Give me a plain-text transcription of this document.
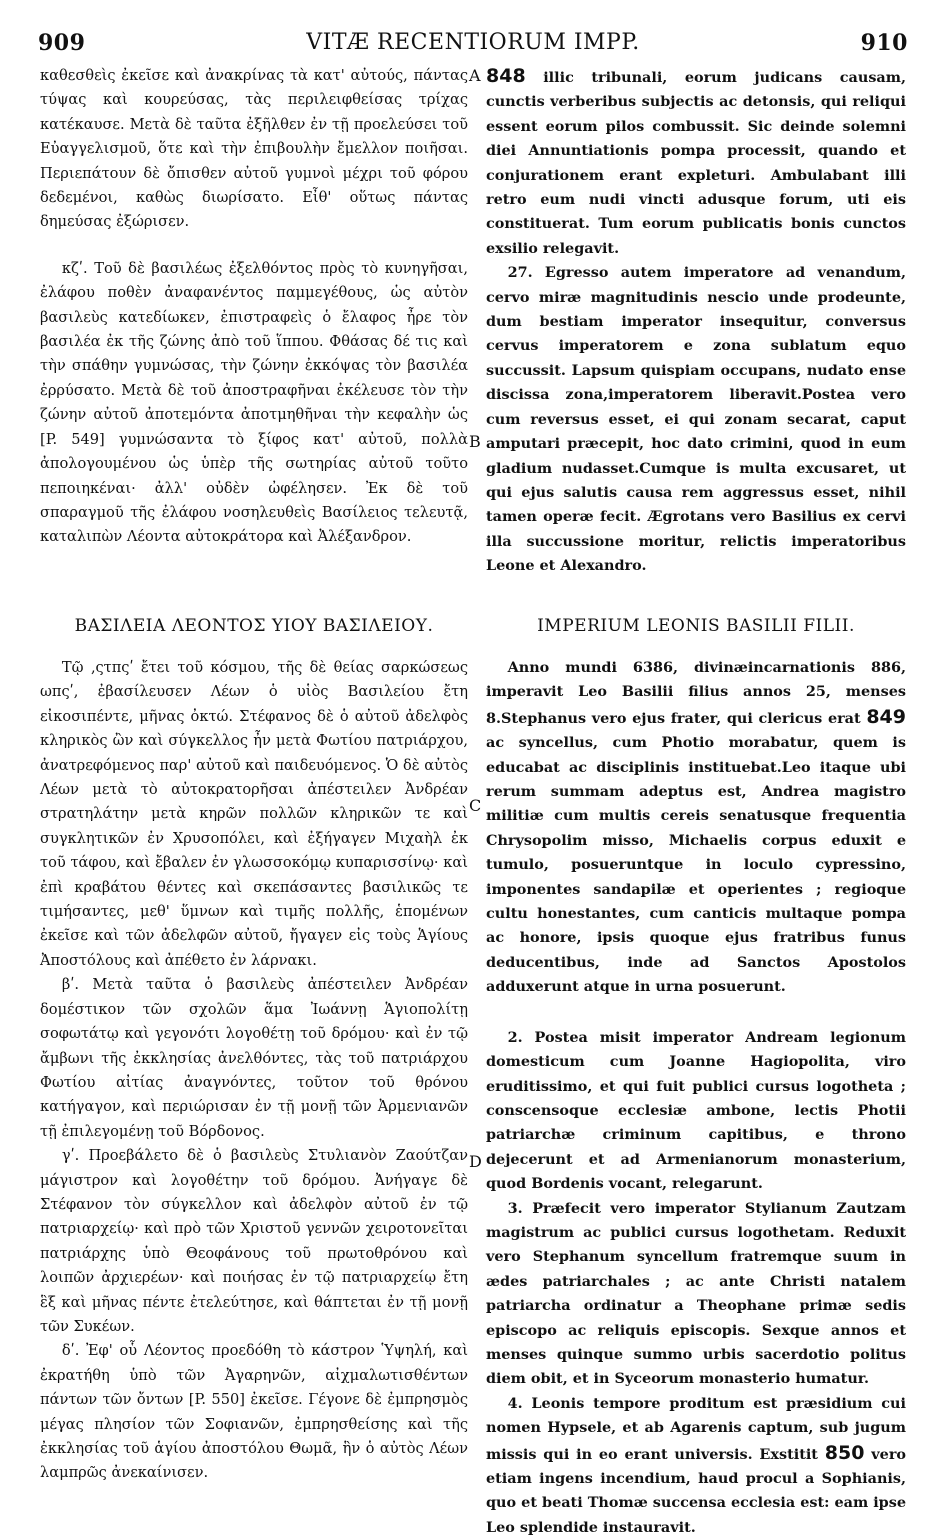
909	VITÆ RECENTIORUM IMPP.	910
A
B
C
D

καθεσθεὶς ἐκεῖσε καὶ ἀνακρίνας τὰ κατ' αὐτούς, πάντας τύψας καὶ κουρεύσας, τὰς περιλειφθείσας τρίχας κατέκαυσε. Μετὰ δὲ ταῦτα ἐξῆλθεν ἐν τῇ προελεύσει τοῦ Εὐαγγελισμοῦ, ὅτε καὶ τὴν ἐπιβουλὴν ἔμελλον ποιῆσαι. Περιεπάτουν δὲ ὄπισθεν αὐτοῦ γυμνοὶ μέχρι τοῦ φόρου δεδεμένοι, καθὼς διωρίσατο. Εἶθ' οὕτως πάντας δημεύσας ἐξώρισεν.

κζʹ. Τοῦ δὲ βασιλέως ἐξελθόντος πρὸς τὸ κυνηγῆσαι, ἐλάφου ποθὲν ἀναφανέντος παμμεγέθους, ὡς αὐτὸν βασιλεὺς κατεδίωκεν, ἐπιστραφεὶς ὁ ἔλαφος ἦρε τὸν βασιλέα ἐκ τῆς ζώνης ἀπὸ τοῦ ἵππου. Φθάσας δέ τις καὶ τὴν σπάθην γυμνώσας, τὴν ζώνην ἐκκόψας τὸν βασιλέα ἐρρύσατο. Μετὰ δὲ τοῦ ἀποστραφῆναι ἐκέλευσε τὸν τὴν ζώνην αὐτοῦ ἀποτεμόντα ἀποτμηθῆναι τὴν κεφαλὴν ὡς [P. 549] γυμνώσαντα τὸ ξίφος κατ' αὐτοῦ, πολλὰ ἀπολογουμένου ὡς ὑπὲρ τῆς σωτηρίας αὐτοῦ τοῦτο πεποιηκέναι· ἀλλ' οὐδὲν ὠφέλησεν. Ἐκ δὲ τοῦ σπαραγμοῦ τῆς ἐλάφου νοσηλευθεὶς Βασίλειος τελευτᾷ, καταλιπὼν Λέοντα αὐτοκράτορα καὶ Ἀλέξανδρον.

848 illic tribunali, eorum judicans causam, cunctis verberibus subjectis ac detonsis, qui reliqui essent eorum pilos combussit. Sic deinde solemni diei Annuntiationis pompa processit, quando et conjurationem erant expleturi. Ambulabant illi retro eum nudi vincti adusque forum, uti eis constituerat. Tum eorum publicatis bonis cunctos exsilio relegavit.

27. Egresso autem imperatore ad venandum, cervo miræ magnitudinis nescio unde prodeunte, dum bestiam imperator insequitur, conversus cervus imperatorem e zona sublatum equo succussit. Lapsum quispiam occupans, nudato ense discissa zona,imperatorem liberavit.Postea vero cum reversus esset, ei qui zonam secarat, caput amputari præcepit, hoc dato crimini, quod in eum gladium nudasset.Cumque is multa excusaret, ut qui ejus salutis causa rem aggressus esset, nihil tamen operæ fecit. Ægrotans vero Basilius ex cervi illa succussione moritur, relictis imperatoribus Leone et Alexandro.

ΒΑΣΙΛΕΙΑ ΛΕΟΝΤΟΣ ΥΙΟΥ ΒΑΣΙΛΕΙΟΥ.	IMPERIUM LEONIS BASILII FILII.

Τῷ ‚ςτπςʹ ἔτει τοῦ κόσμου, τῆς δὲ θείας σαρκώσεως ωπςʹ, ἐβασίλευσεν Λέων ὁ υἱὸς Βασιλείου ἔτη εἰκοσιπέντε, μῆνας ὀκτώ. Στέφανος δὲ ὁ αὐτοῦ ἀδελφὸς κληρικὸς ὢν καὶ σύγκελλος ἦν μετὰ Φωτίου πατριάρχου, ἀνατρεφόμενος παρ' αὐτοῦ καὶ παιδευόμενος. Ὁ δὲ αὐτὸς Λέων μετὰ τὸ αὐτοκρατορῆσαι ἀπέστειλεν Ἀνδρέαν στρατηλάτην μετὰ κηρῶν πολλῶν κληρικῶν τε καὶ συγκλητικῶν ἐν Χρυσοπόλει, καὶ ἐξήγαγεν Μιχαὴλ ἐκ τοῦ τάφου, καὶ ἔβαλεν ἐν γλωσσοκόμῳ κυπαρισσίνῳ· καὶ ἐπὶ κραβάτου θέντες καὶ σκεπάσαντες βασιλικῶς τε τιμήσαντες, μεθ' ὕμνων καὶ τιμῆς πολλῆς, ἑπομένων ἐκεῖσε καὶ τῶν ἀδελφῶν αὐτοῦ, ἤγαγεν εἰς τοὺς Ἁγίους Ἀποστόλους καὶ ἀπέθετο ἐν λάρνακι.

βʹ. Μετὰ ταῦτα ὁ βασιλεὺς ἀπέστειλεν Ἀνδρέαν δομέστικον τῶν σχολῶν ἅμα Ἰωάννῃ Ἁγιοπολίτῃ σοφωτάτῳ καὶ γεγονότι λογοθέτῃ τοῦ δρόμου· καὶ ἐν τῷ ἄμβωνι τῆς ἐκκλησίας ἀνελθόντες, τὰς τοῦ πατριάρχου Φωτίου αἰτίας ἀναγνόντες, τοῦτον τοῦ θρόνου κατήγαγον, καὶ περιώρισαν ἐν τῇ μονῇ τῶν Ἀρμενιανῶν τῇ ἐπιλεγομένῃ τοῦ Βόρδονος.

γʹ. Προεβάλετο δὲ ὁ βασιλεὺς Στυλιανὸν Ζαούτζαν μάγιστρον καὶ λογοθέτην τοῦ δρόμου. Ἀνήγαγε δὲ Στέφανον τὸν σύγκελλον καὶ ἀδελφὸν αὐτοῦ ἐν τῷ πατριαρχείῳ· καὶ πρὸ τῶν Χριστοῦ γεννῶν χειροτονεῖται πατριάρχης ὑπὸ Θεοφάνους τοῦ πρωτοθρόνου καὶ λοιπῶν ἀρχιερέων· καὶ ποιήσας ἐν τῷ πατριαρχείῳ ἔτη ἓξ καὶ μῆνας πέντε ἐτελεύτησε, καὶ θάπτεται ἐν τῇ μονῇ τῶν Συκέων.

δʹ. Ἐφ' οὗ Λέοντος προεδόθη τὸ κάστρον Ὑψηλή, καὶ ἐκρατήθη ὑπὸ τῶν Ἀγαρηνῶν, αἰχμαλωτισθέντων πάντων τῶν ὄντων [P. 550] ἐκεῖσε. Γέγονε δὲ ἐμπρησμὸς μέγας πλησίον τῶν Σοφιανῶν, ἐμπρησθείσης καὶ τῆς ἐκκλησίας τοῦ ἁγίου ἀποστόλου Θωμᾶ, ἣν ὁ αὐτὸς Λέων λαμπρῶς ἀνεκαίνισεν.

Anno mundi 6386, divinæincarnationis 886, imperavit Leo Basilii filius annos 25, menses 8.Stephanus vero ejus frater, qui clericus erat 849 ac syncellus, cum Photio morabatur, quem is educabat ac disciplinis instituebat.Leo itaque ubi rerum summam adeptus est, Andrea magistro militiæ cum multis cereis senatusque frequentia Chrysopolim misso, Michaelis corpus eduxit e tumulo, posueruntque in loculo cypressino, imponentes sandapilæ et operientes ; regioque cultu honestantes, cum canticis multaque pompa ac honore, ipsis quoque ejus fratribus funus deducentibus, inde ad Sanctos Apostolos adduxerunt atque in urna posuerunt.

2. Postea misit imperator Andream legionum domesticum cum Joanne Hagiopolita, viro eruditissimo, et qui fuit publici cursus logotheta ; conscensoque ecclesiæ ambone, lectis Photii patriarchæ criminum capitibus, e throno dejecerunt et ad Armenianorum monasterium, quod Bordenis vocant, relegarunt.

3. Præfecit vero imperator Stylianum Zautzam magistrum ac publici cursus logothetam. Reduxit vero Stephanum syncellum fratremque suum in ædes patriarchales ; ac ante Christi natalem patriarcha ordinatur a Theophane primæ sedis episcopo ac reliquis episcopis. Sexque annos et menses quinque summo urbis sacerdotio politus diem obit, et in Syceorum monasterio humatur.

4. Leonis tempore proditum est præsidium cui nomen Hypsele, et ab Agarenis captum, sub jugum missis qui in eo erant universis. Exstitit 850 vero etiam ingens incendium, haud procul a Sophianis, quo et beati Thomæ succensa ecclesia est: eam ipse Leo splendide instauravit.
